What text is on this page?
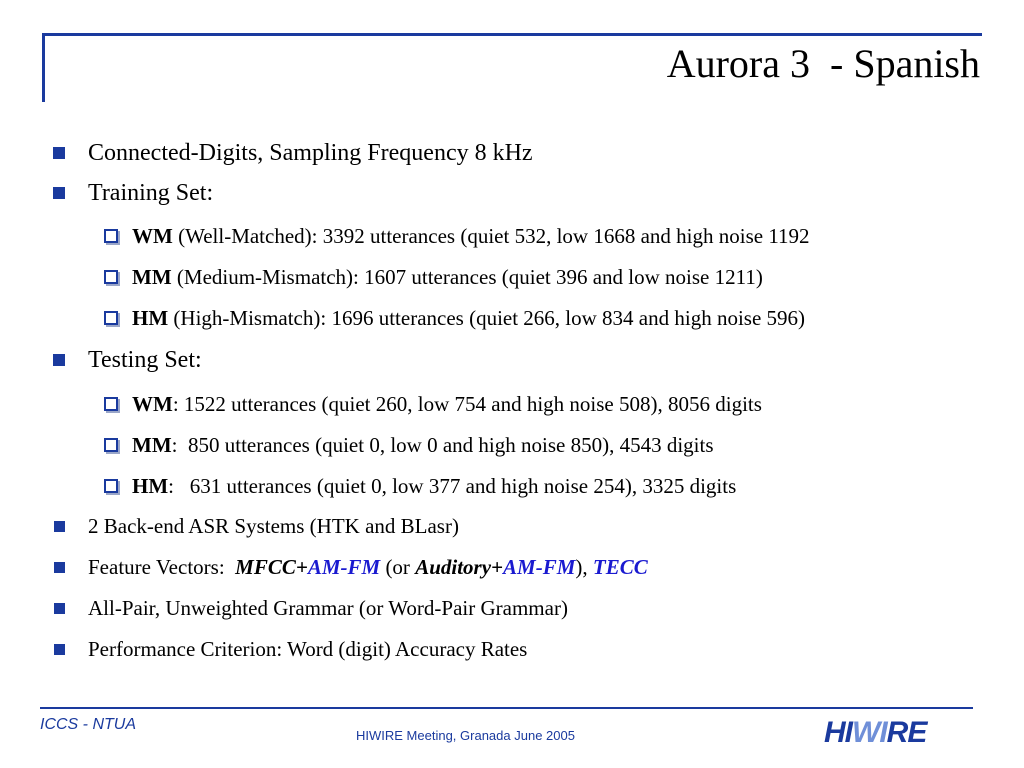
Aurora 3  - Spanish
Connected-Digits, Sampling Frequency 8 kHz
Training Set:
WM (Well-Matched): 3392 utterances (quiet 532, low 1668 and high noise 1192
MM (Medium-Mismatch): 1607 utterances (quiet 396 and low noise 1211)
HM (High-Mismatch): 1696 utterances (quiet 266, low 834 and high noise 596)
Testing Set:
WM: 1522 utterances (quiet 260, low 754 and high noise 508), 8056 digits
MM:  850 utterances (quiet 0, low 0 and high noise 850), 4543 digits
HM:   631 utterances (quiet 0, low 377 and high noise 254), 3325 digits
2 Back-end ASR Systems (HTK and BLasr)
Feature Vectors:  MFCC+AM-FM (or Auditory+AM-FM), TECC
All-Pair, Unweighted Grammar (or Word-Pair Grammar)
Performance Criterion: Word (digit) Accuracy Rates
ICCS - NTUA
HIWIRE Meeting, Granada June 2005	HIWIRE
